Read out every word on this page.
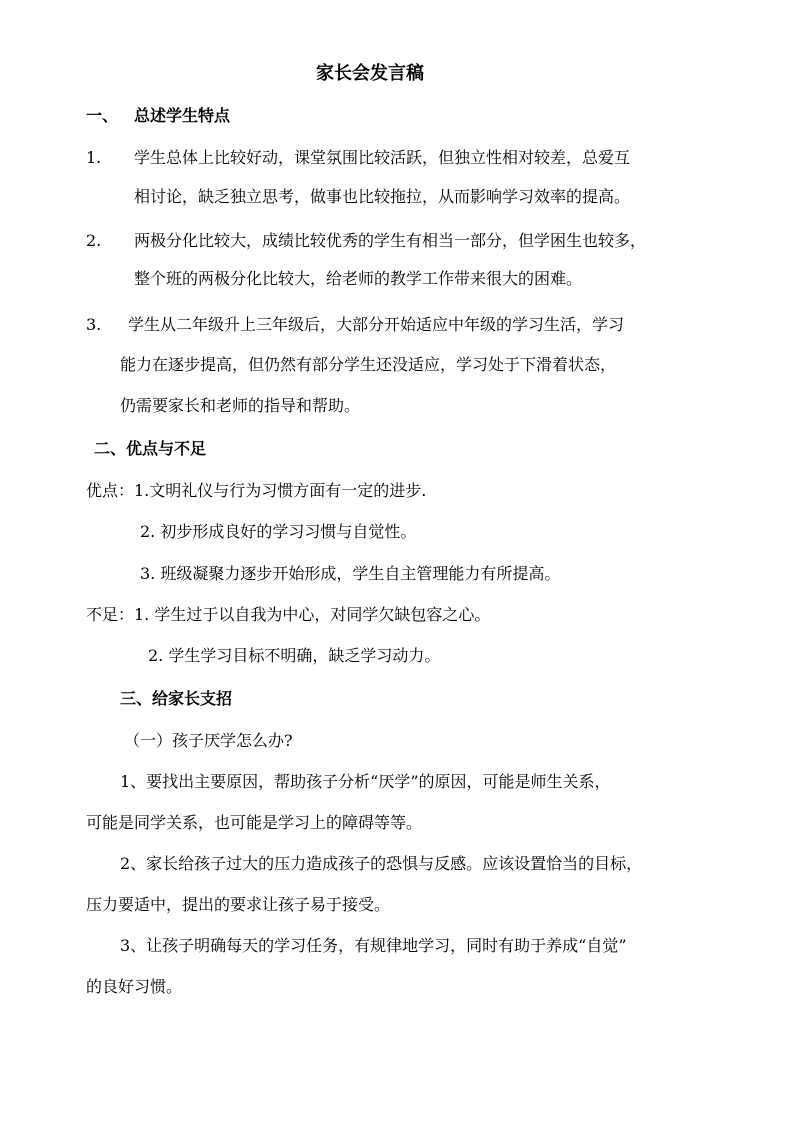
家长会发言稿
一、 总述学生特点
1. 学生总体上比较好动，课堂氛围比较活跃，但独立性相对较差，总爱互
相讨论，缺乏独立思考，做事也比较拖拉，从而影响学习效率的提高。
2. 两极分化比较大，成绩比较优秀的学生有相当一部分，但学困生也较多，
整个班的两极分化比较大，给老师的教学工作带来很大的困难。
3. 学生从二年级升上三年级后，大部分开始适应中年级的学习生活，学习
能力在逐步提高，但仍然有部分学生还没适应，学习处于下滑着状态，
仍需要家长和老师的指导和帮助。
二、优点与不足
优点： 1.文明礼仪与行为习惯方面有一定的进步.
2. 初步形成良好的学习习惯与自觉性。
3. 班级凝聚力逐步开始形成，学生自主管理能力有所提高。
不足： 1. 学生过于以自我为中心，对同学欠缺包容之心。
2. 学生学习目标不明确，缺乏学习动力。
三、给家长支招
（一）孩子厌学怎么办?
1、要找出主要原因，帮助孩子分析“厌学”的原因，可能是师生关系，
可能是同学关系，也可能是学习上的障碍等等。
2、家长给孩子过大的压力造成孩子的恐惧与反感。应该设置恰当的目标，
压力要适中，提出的要求让孩子易于接受。
3、让孩子明确每天的学习任务，有规律地学习，同时有助于养成“自觉”
的良好习惯。
